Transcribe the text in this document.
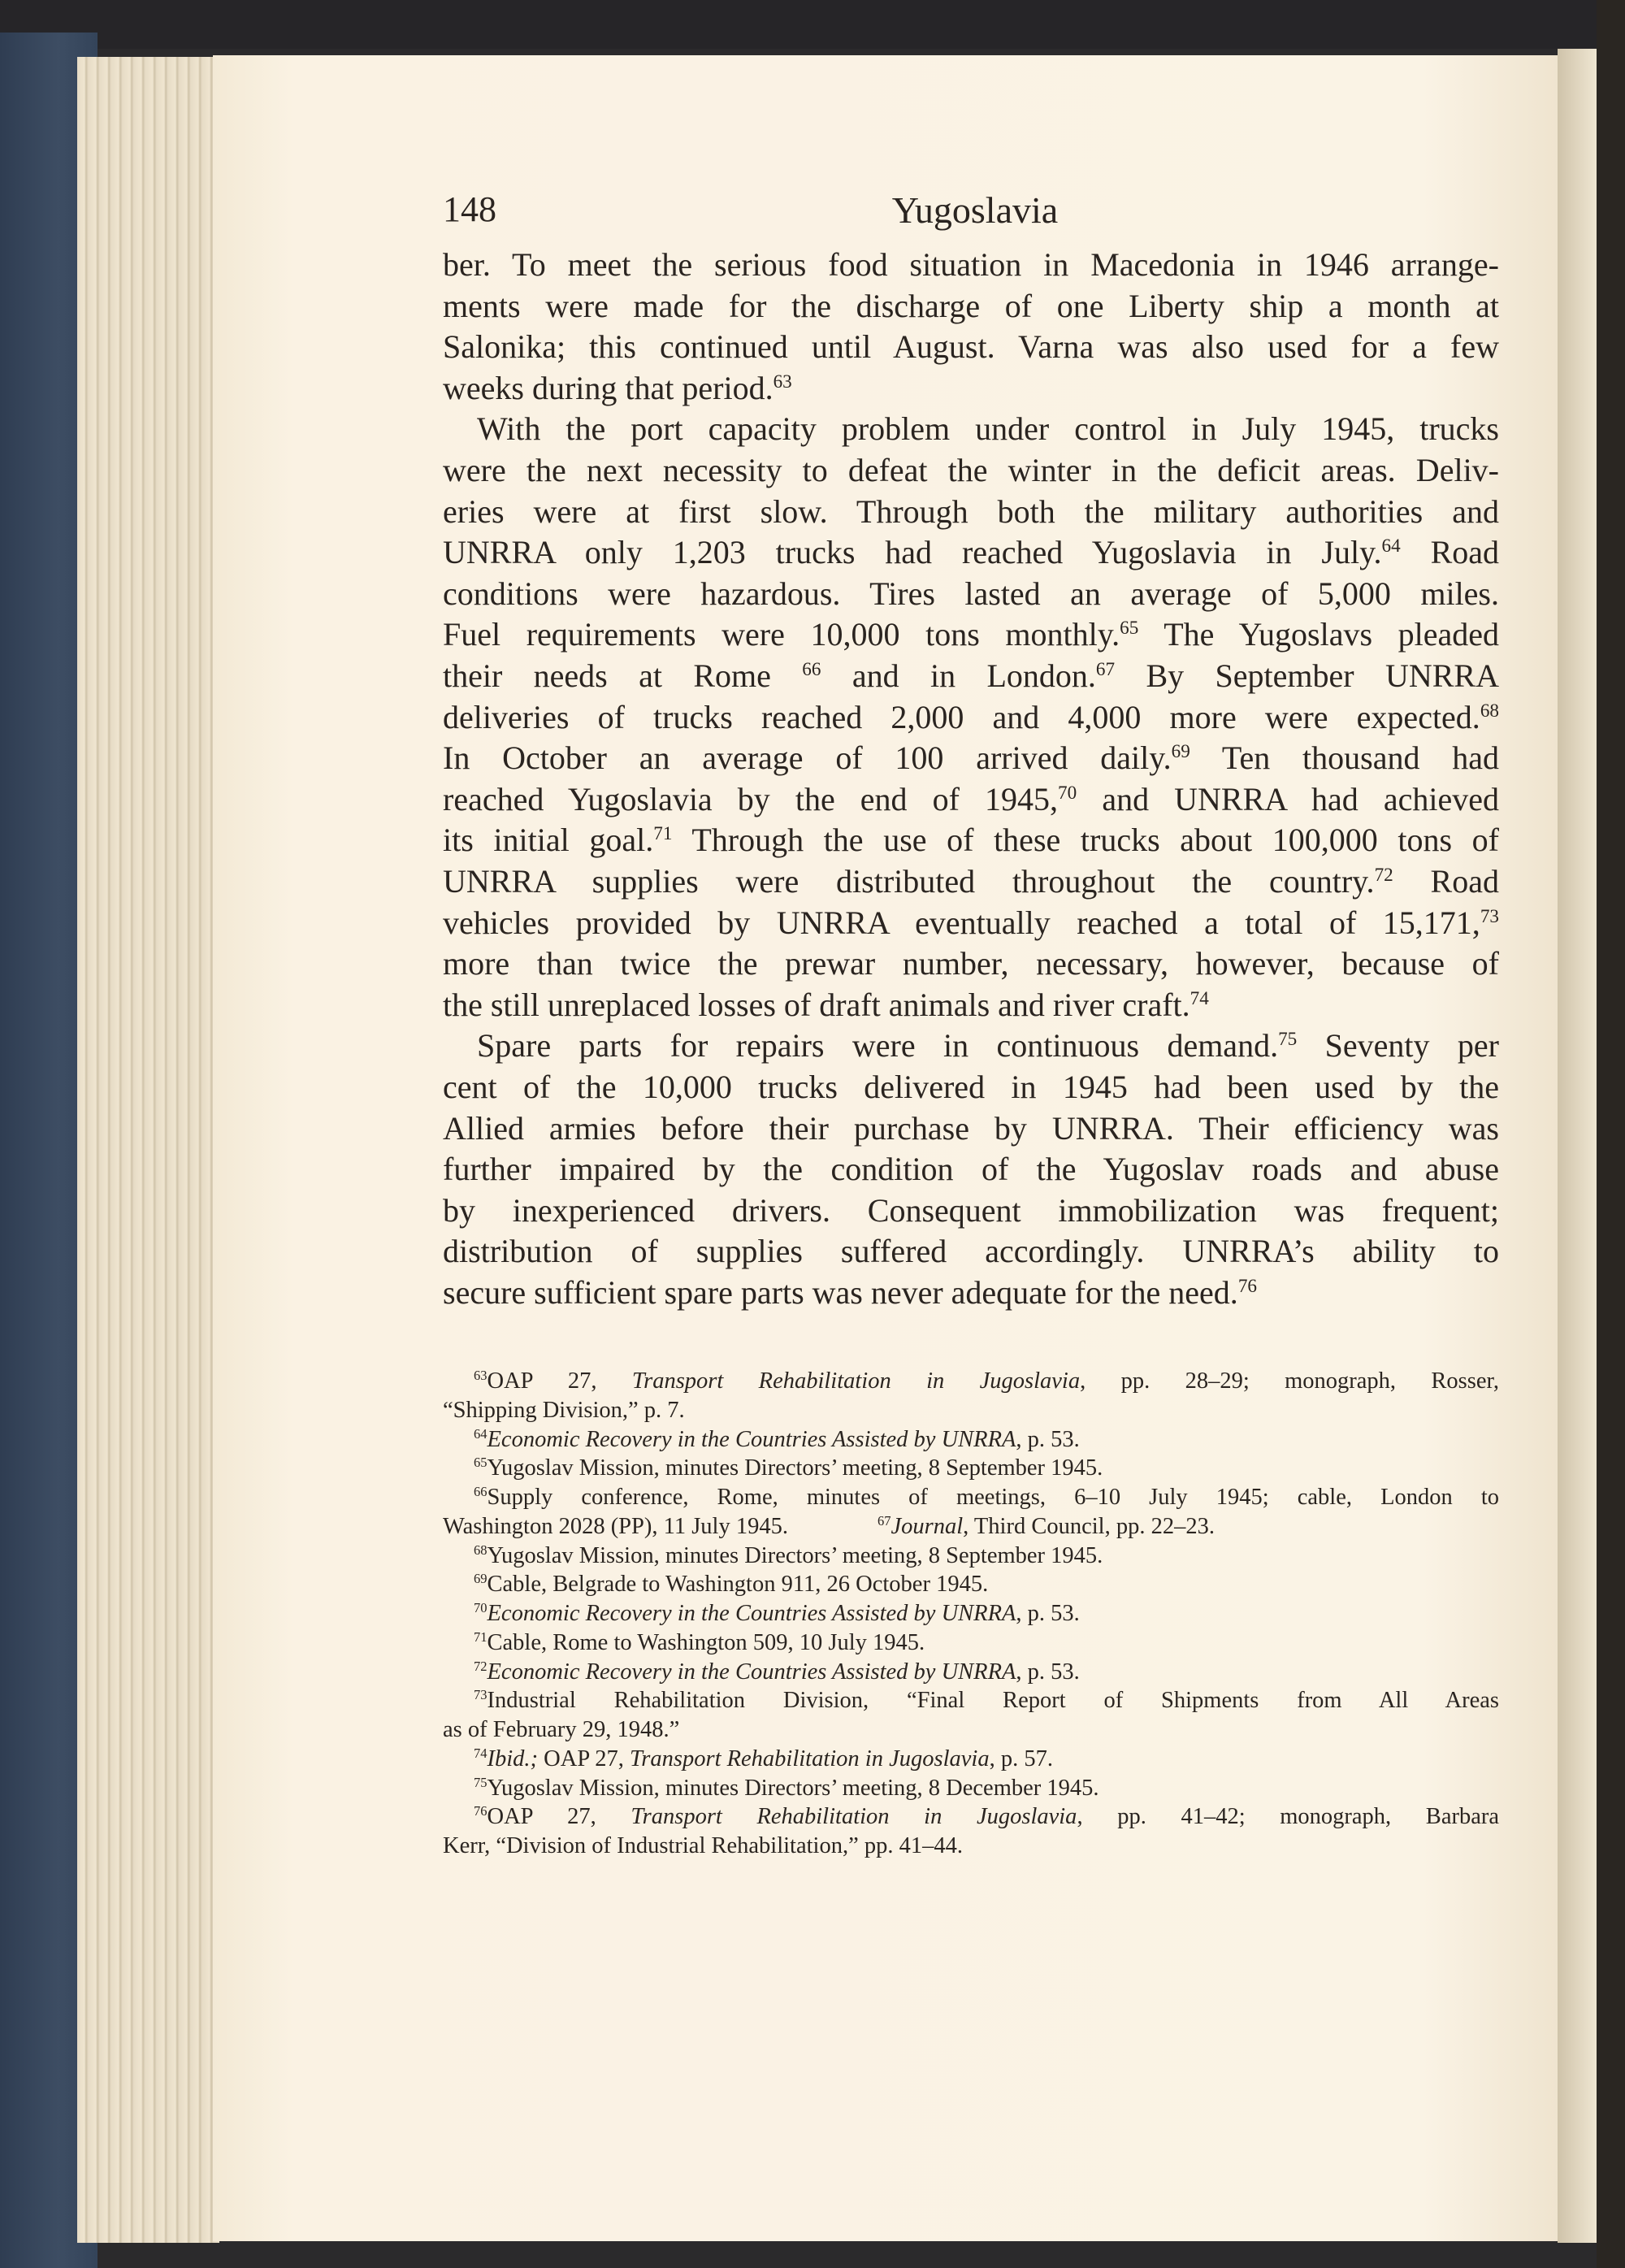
148	Yugoslavia
ber. To meet the serious food situation in Macedonia in 1946 arrange-
ments were made for the discharge of one Liberty ship a month at
Salonika; this continued until August. Varna was also used for a few
weeks during that period.$^{63}$
With the port capacity problem under control in July 1945, trucks
were the next necessity to defeat the winter in the deficit areas. Deliv-
eries were at first slow. Through both the military authorities and
UNRRA only 1,203 trucks had reached Yugoslavia in July.$^{64}$ Road
conditions were hazardous. Tires lasted an average of 5,000 miles.
Fuel requirements were 10,000 tons monthly.$^{65}$ The Yugoslavs pleaded
their needs at Rome $^{66}$ and in London.$^{67}$ By September UNRRA
deliveries of trucks reached 2,000 and 4,000 more were expected.$^{68}$
In October an average of 100 arrived daily.$^{69}$ Ten thousand had
reached Yugoslavia by the end of 1945,70 and UNRRA had achieved
its initial goal.$^{71}$ Through the use of these trucks about 100,000 tons of
UNRRA supplies were distributed throughout the country.$^{72}$ Road
vehicles provided by UNRRA eventually reached a total of 15,171,73
more than twice the prewar number, necessary, however, because of
the still unreplaced losses of draft animals and river craft.$^{74}$
Spare parts for repairs were in continuous demand.$^{75}$ Seventy per
cent of the 10,000 trucks delivered in 1945 had been used by the
Allied armies before their purchase by UNRRA. Their efficiency was
further impaired by the condition of the Yugoslav roads and abuse
by inexperienced drivers. Consequent immobilization was frequent;
distribution of supplies suffered accordingly. UNRRA’s ability to
secure sufficient spare parts was never adequate for the need.$^{76}$
$^{63}$OAP 27, Transport Rehabilitation in Jugoslavia, pp. 28–29; monograph, Rosser,
“Shipping Division,” p. 7.
$^{64}$Economic Recovery in the Countries Assisted by UNRRA, p. 53.
$^{65}$Yugoslav Mission, minutes Directors’ meeting, 8 September 1945.
$^{66}$Supply conference, Rome, minutes of meetings, 6–10 July 1945; cable, London to
Washington 2028 (PP), 11 July 1945.	$^{67}$Journal, Third Council, pp. 22–23.
$^{68}$Yugoslav Mission, minutes Directors’ meeting, 8 September 1945.
$^{69}$Cable, Belgrade to Washington 911, 26 October 1945.
$^{70}$Economic Recovery in the Countries Assisted by UNRRA, p. 53.
$^{71}$Cable, Rome to Washington 509, 10 July 1945.
$^{72}$Economic Recovery in the Countries Assisted by UNRRA, p. 53.
$^{73}$Industrial Rehabilitation Division, “Final Report of Shipments from All Areas
as of February 29, 1948.”
$^{74}$Ibid.; OAP 27, Transport Rehabilitation in Jugoslavia, p. 57.
$^{75}$Yugoslav Mission, minutes Directors’ meeting, 8 December 1945.
$^{76}$OAP 27, Transport Rehabilitation in Jugoslavia, pp. 41–42; monograph, Barbara
Kerr, “Division of Industrial Rehabilitation,” pp. 41–44.
